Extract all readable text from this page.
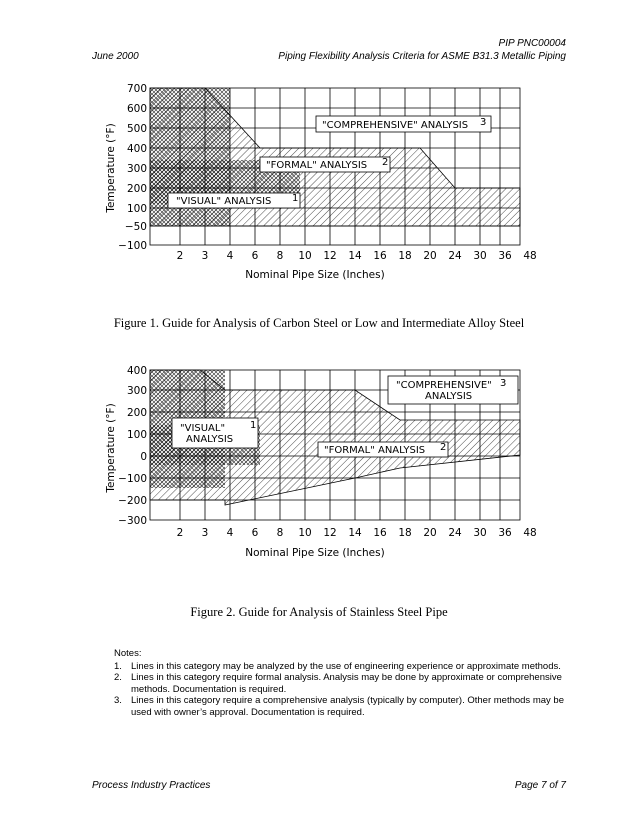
PIP PNC00004
June 2000	Piping Flexibility Analysis Criteria for ASME B31.3 Metallic Piping
700
600
500
400
300
200
100
−50
−100
2 3 4 6 8 10 12 14 16 18 20 24 30 36 48
Nominal Pipe Size (Inches)
Temperature (°F)	"COMPREHENSIVE" ANALYSIS 3
"FORMAL" ANALYSIS 2
"VISUAL" ANALYSIS 1
Figure 1. Guide for Analysis of Carbon Steel or Low and Intermediate Alloy Steel
400
300
200
100
0
−100
−200
−300
2 3 4 6 8 10 12 14 16 18 20 24 30 36 48
Nominal Pipe Size (Inches)
Temperature (°F)
"COMPREHENSIVE"
ANALYSIS
3
"VISUAL"
ANALYSIS
1
"FORMAL" ANALYSIS 2
Figure 2. Guide for Analysis of Stainless Steel Pipe
Notes:
1. Lines in this category may be analyzed by the use of engineering experience or approximate methods.
2. Lines in this category require formal analysis. Analysis may be done by approximate or comprehensive methods. Documentation is required.
3. Lines in this category require a comprehensive analysis (typically by computer). Other methods may be used with owner’s approval. Documentation is required.
Process Industry Practices	Page 7 of 7
